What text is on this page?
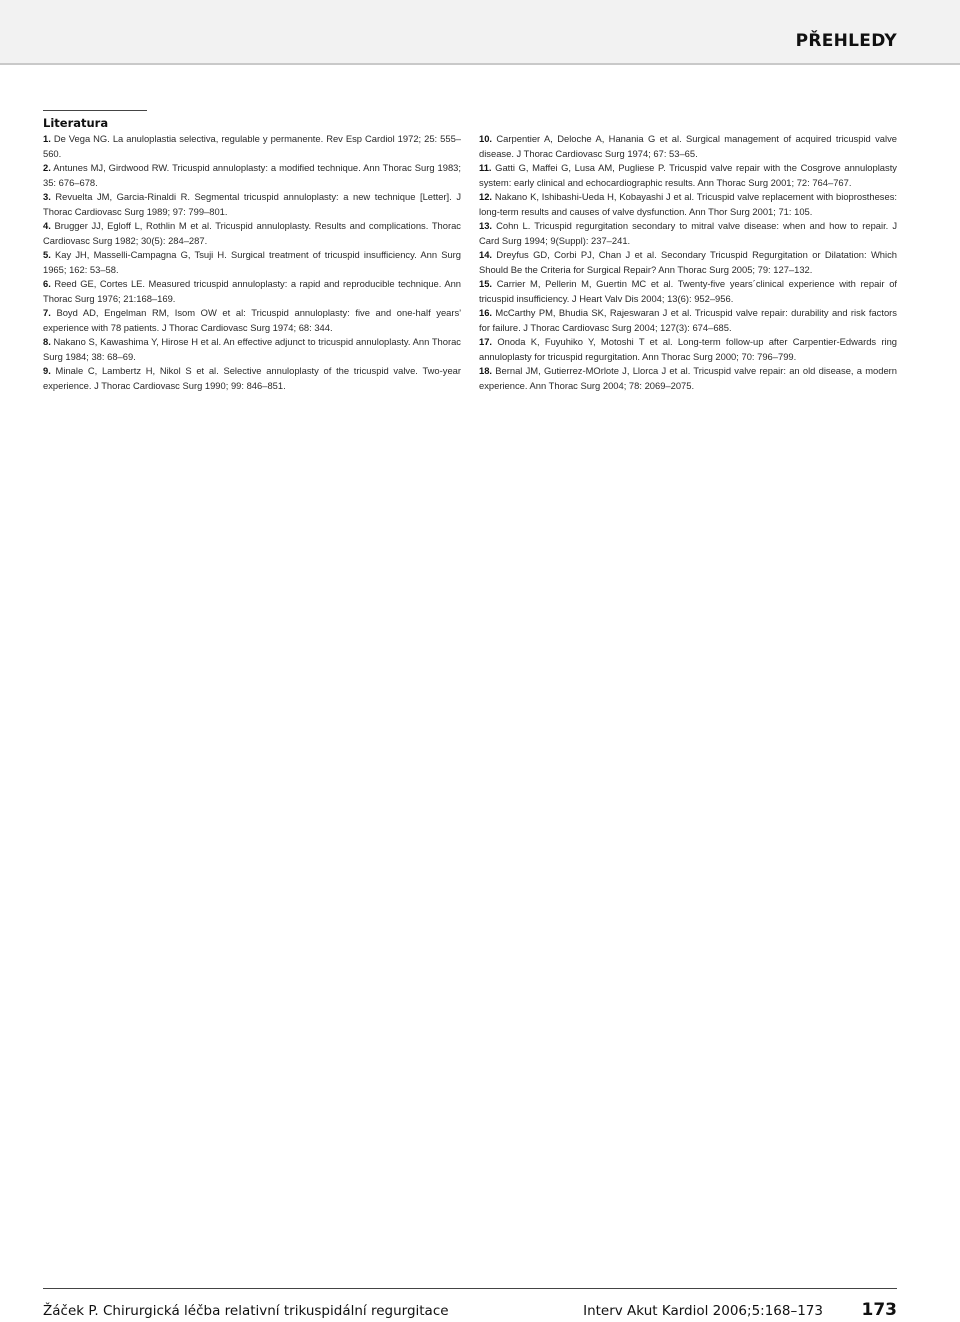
PŘEHLEDY
Literatura

1. De Vega NG. La anuloplastia selectiva, regulable y permanente. Rev Esp Cardiol 1972; 25: 555–560.

2. Antunes MJ, Girdwood RW. Tricuspid annuloplasty: a modified technique. Ann Thorac Surg 1983; 35: 676–678.

3. Revuelta JM, Garcia-Rinaldi R. Segmental tricuspid annuloplasty: a new technique [Letter]. J Thorac Cardiovasc Surg 1989; 97: 799–801.

4. Brugger JJ, Egloff L, Rothlin M et al. Tricuspid annuloplasty. Results and complications. Thorac Cardiovasc Surg 1982; 30(5): 284–287.

5. Kay JH, Masselli-Campagna G, Tsuji H. Surgical treatment of tricuspid insufficiency. Ann Surg 1965; 162: 53–58.

6. Reed GE, Cortes LE. Measured tricuspid annuloplasty: a rapid and reproducible technique. Ann Thorac Surg 1976; 21:168–169.

7. Boyd AD, Engelman RM, Isom OW et al: Tricuspid annuloplasty: five and one-half years' experience with 78 patients. J Thorac Cardiovasc Surg 1974; 68: 344.

8. Nakano S, Kawashima Y, Hirose H et al. An effective adjunct to tricuspid annuloplasty. Ann Thorac Surg 1984; 38: 68–69.

9. Minale C, Lambertz H, Nikol S et al. Selective annuloplasty of the tricuspid valve. Two-year experience. J Thorac Cardiovasc Surg 1990; 99: 846–851.

10. Carpentier A, Deloche A, Hanania G et al. Surgical management of acquired tricuspid valve disease. J Thorac Cardiovasc Surg 1974; 67: 53–65.

11. Gatti G, Maffei G, Lusa AM, Pugliese P. Tricuspid valve repair with the Cosgrove annuloplasty system: early clinical and echocardiographic results. Ann Thorac Surg 2001; 72: 764–767.

12. Nakano K, Ishibashi-Ueda H, Kobayashi J et al. Tricuspid valve replacement with bioprostheses: long-term results and causes of valve dysfunction. Ann Thor Surg 2001; 71: 105.

13. Cohn L. Tricuspid regurgitation secondary to mitral valve disease: when and how to repair. J Card Surg 1994; 9(Suppl): 237–241.

14. Dreyfus GD, Corbi PJ, Chan J et al. Secondary Tricuspid Regurgitation or Dilatation: Which Should Be the Criteria for Surgical Repair? Ann Thorac Surg 2005; 79: 127–132.

15. Carrier M, Pellerin M, Guertin MC et al. Twenty-five years´clinical experience with repair of tricuspid insufficiency. J Heart Valv Dis 2004; 13(6): 952–956.

16. McCarthy PM, Bhudia SK, Rajeswaran J et al. Tricuspid valve repair: durability and risk factors for failure. J Thorac Cardiovasc Surg 2004; 127(3): 674–685.

17. Onoda K, Fuyuhiko Y, Motoshi T et al. Long-term follow-up after Carpentier-Edwards ring annuloplasty for tricuspid regurgitation. Ann Thorac Surg 2000; 70: 796–799.

18. Bernal JM, Gutierrez-MOrlote J, Llorca J et al. Tricuspid valve repair: an old disease, a modern experience. Ann Thorac Surg 2004; 78: 2069–2075.

Žáček P. Chirurgická léčba relativní trikuspidální regurgitace	Interv Akut Kardiol 2006;5:168–173 173
